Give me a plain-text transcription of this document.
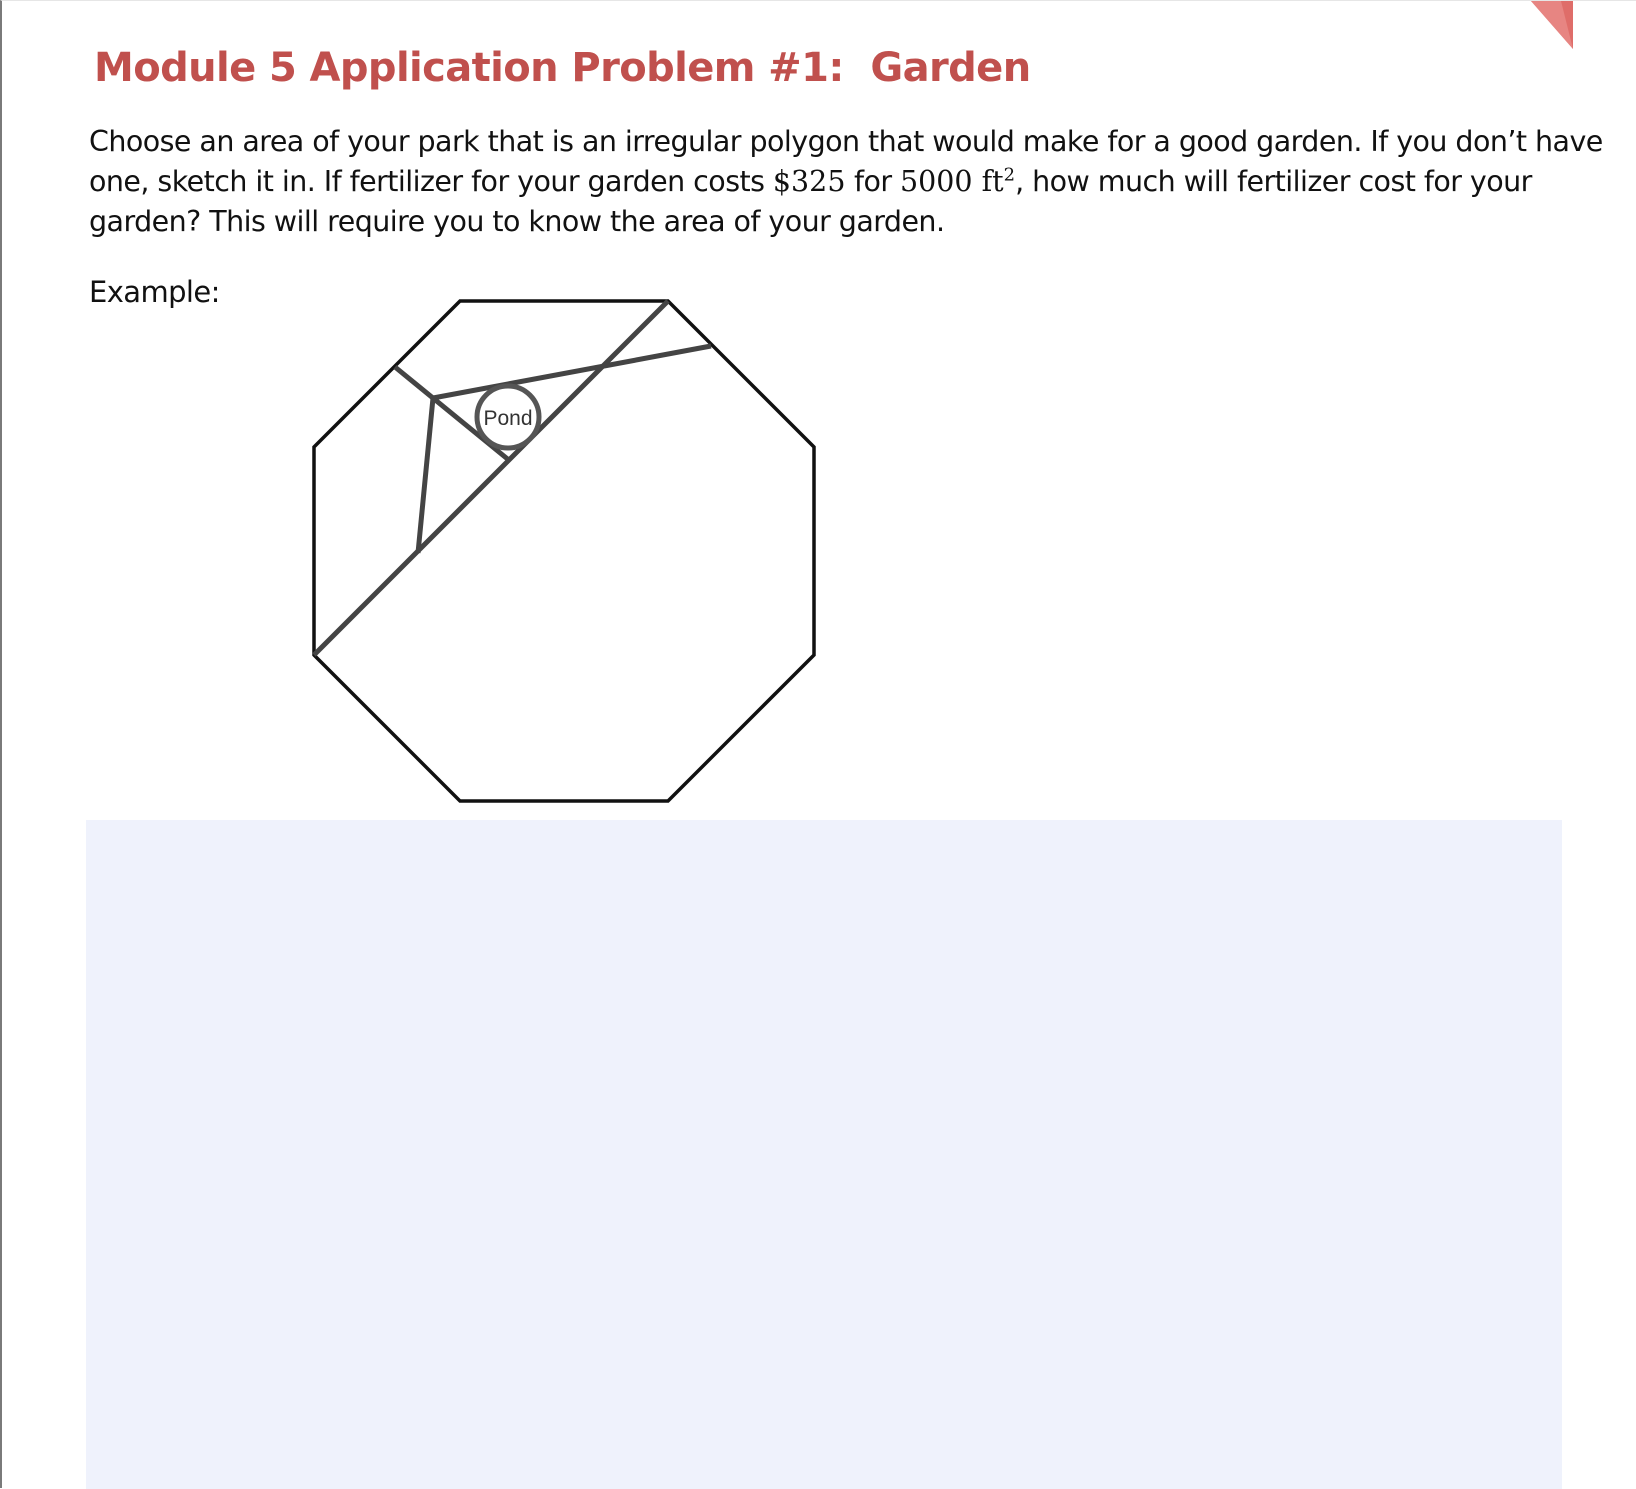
Module 5 Application Problem #1:  Garden

Choose an area of your park that is an irregular polygon that would make for a good garden. If you don’t have one, sketch it in. If fertilizer for your garden costs $325 for 5000 $ft^2$, how much will fertilizer cost for your garden? This will require you to know the area of your garden.

Example:

Pond
